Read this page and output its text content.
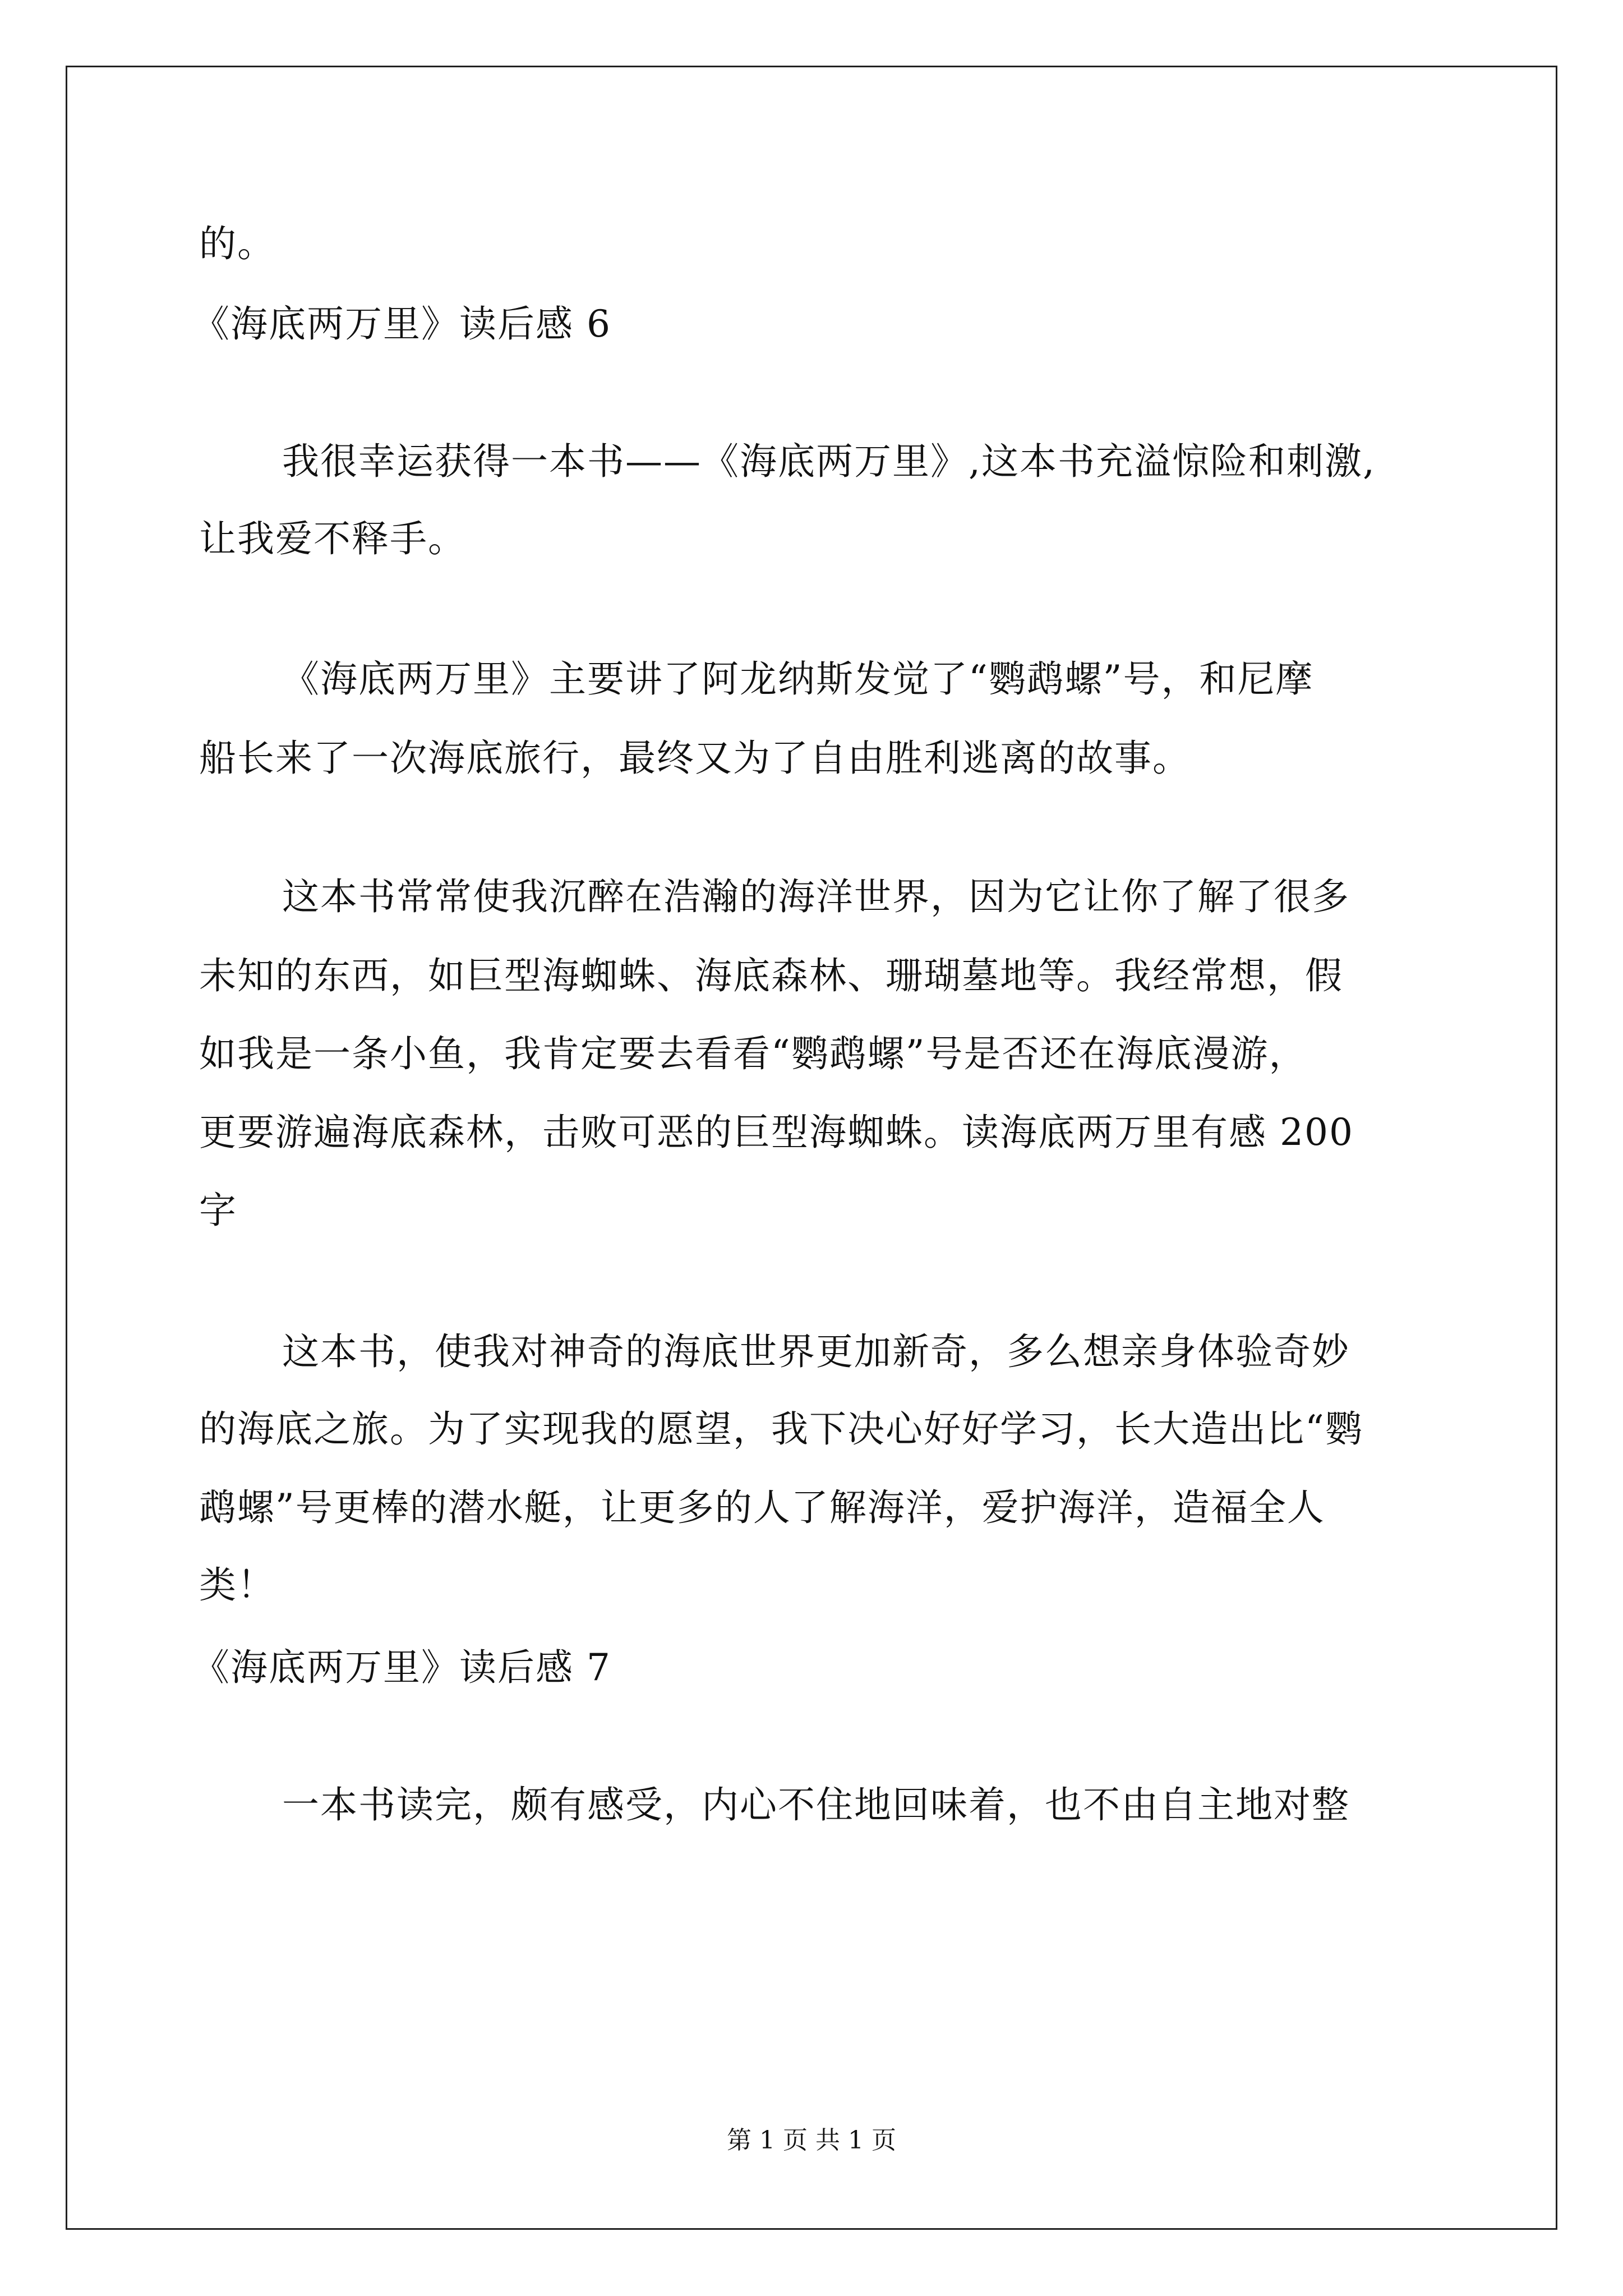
的。
《海底两万里》读后感 6
我很幸运获得一本书——《海底两万里》,这本书充溢惊险和刺激,
让我爱不释手。
《海底两万里》主要讲了阿龙纳斯发觉了“鹦鹉螺”号，和尼摩
船长来了一次海底旅行，最终又为了自由胜利逃离的故事。
这本书常常使我沉醉在浩瀚的海洋世界，因为它让你了解了很多
未知的东西，如巨型海蜘蛛、海底森林、珊瑚墓地等。我经常想，假
如我是一条小鱼，我肯定要去看看“鹦鹉螺”号是否还在海底漫游，
更要游遍海底森林，击败可恶的巨型海蜘蛛。读海底两万里有感 200
字
这本书，使我对神奇的海底世界更加新奇，多么想亲身体验奇妙
的海底之旅。为了实现我的愿望，我下决心好好学习，长大造出比“鹦
鹉螺”号更棒的潜水艇，让更多的人了解海洋，爱护海洋，造福全人
类！
《海底两万里》读后感 7
一本书读完，颇有感受，内心不住地回味着，也不由自主地对整
第 1 页 共 1 页
